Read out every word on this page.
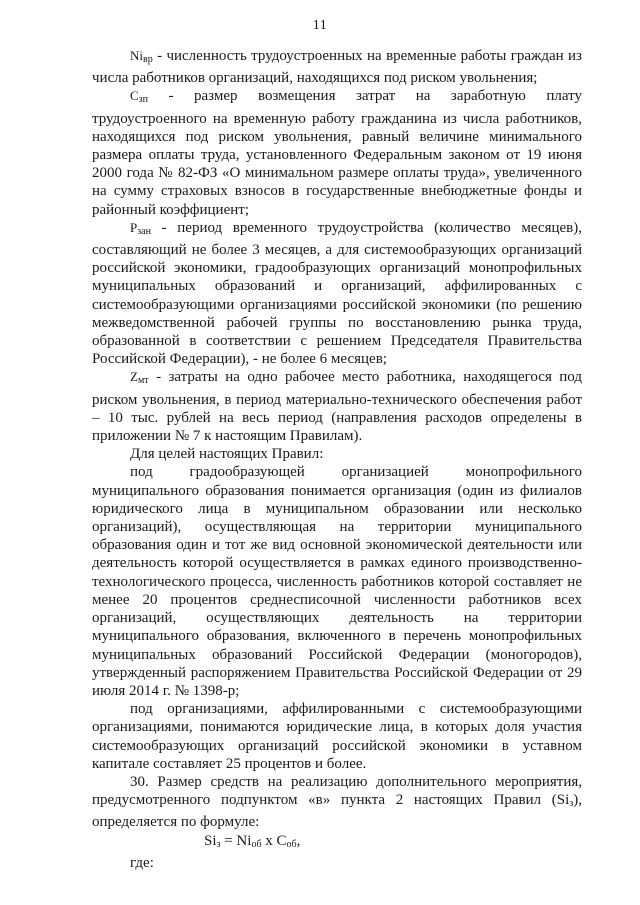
11

$Ni_{вр}$ - численность трудоустроенных на временные работы граждан из числа работников организаций, находящихся под риском увольнения;

$С_{зп}$ - размер возмещения затрат на заработную плату трудоустроенного на временную работу гражданина из числа работников, находящихся под риском увольнения, равный величине минимального размера оплаты труда, установленного Федеральным законом от 19 июня 2000 года № 82-ФЗ «О минимальном размере оплаты труда», увеличенного на сумму страховых взносов в государственные внебюджетные фонды и районный коэффициент;

$Р_{зан}$ - период временного трудоустройства (количество месяцев), составляющий не более 3 месяцев, а для системообразующих организаций российской экономики, градообразующих организаций монопрофильных муниципальных образований и организаций, аффилированных с системообразующими организациями российской экономики (по решению межведомственной рабочей группы по восстановлению рынка труда, образованной в соответствии с решением Председателя Правительства Российской Федерации), - не более 6 месяцев;

$Z_{мт}$ - затраты на одно рабочее место работника, находящегося под риском увольнения, в период материально-технического обеспечения работ – 10 тыс. рублей на весь период (направления расходов определены в приложении № 7 к настоящим Правилам).

Для целей настоящих Правил:

под градообразующей организацией монопрофильного муниципального образования понимается организация (один из филиалов юридического лица в муниципальном образовании или несколько организаций), осуществляющая на территории муниципального образования один и тот же вид основной экономической деятельности или деятельность которой осуществляется в рамках единого производственно-технологического процесса, численность работников которой составляет не менее 20 процентов среднесписочной численности работников всех организаций, осуществляющих деятельность на территории муниципального образования, включенного в перечень монопрофильных муниципальных образований Российской Федерации (моногородов), утвержденный распоряжением Правительства Российской Федерации от 29 июля 2014 г. № 1398-р;

под организациями, аффилированными с системообразующими организациями, понимаются юридические лица, в которых доля участия системообразующих организаций российской экономики в уставном капитале составляет 25 процентов и более.

30. Размер средств на реализацию дополнительного мероприятия, предусмотренного подпунктом «в» пункта 2 настоящих Правил $(Si_з)$, определяется по формуле:

$Si_з = Ni_{об}$ x $С_{об}$,

где:
